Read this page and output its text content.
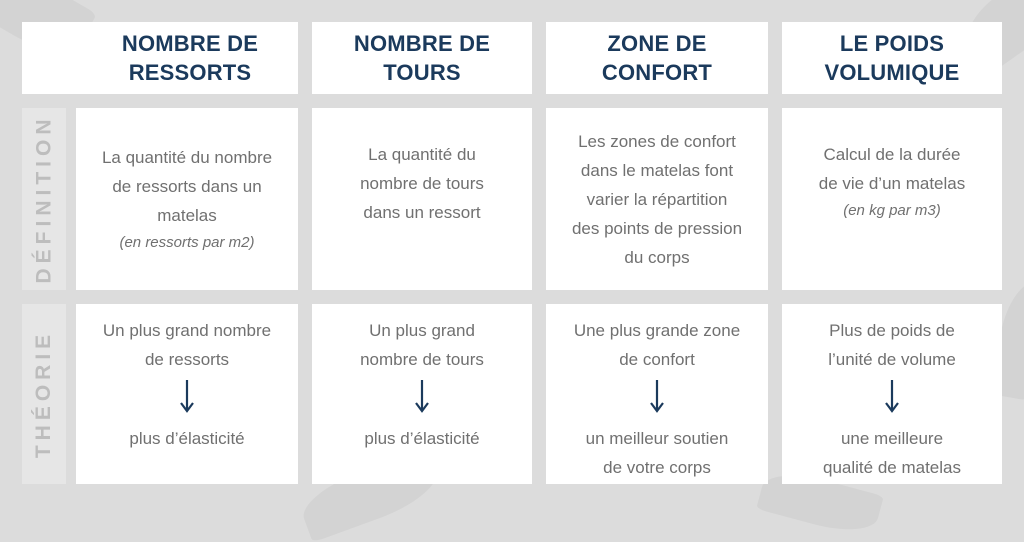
NOMBRE DE
RESSORTS
NOMBRE DE
TOURS
ZONE DE
CONFORT
LE POIDS
VOLUMIQUE
DÉFINITION
THÉORIE
La quantité du nombre
de ressorts dans un
matelas
(en ressorts par m2)
La quantité du
nombre de tours
dans un ressort
Les zones de confort
dans le matelas font
varier la répartition
des points de pression
du corps
Calcul de la durée
de vie d’un matelas
(en kg par m3)
Un plus grand nombre
de ressorts
plus d’élasticité
Un plus grand
nombre de tours
plus d’élasticité
Une plus grande zone
de confort
un meilleur soutien
de votre corps
Plus de poids de
l’unité de volume
une meilleure
qualité de matelas
